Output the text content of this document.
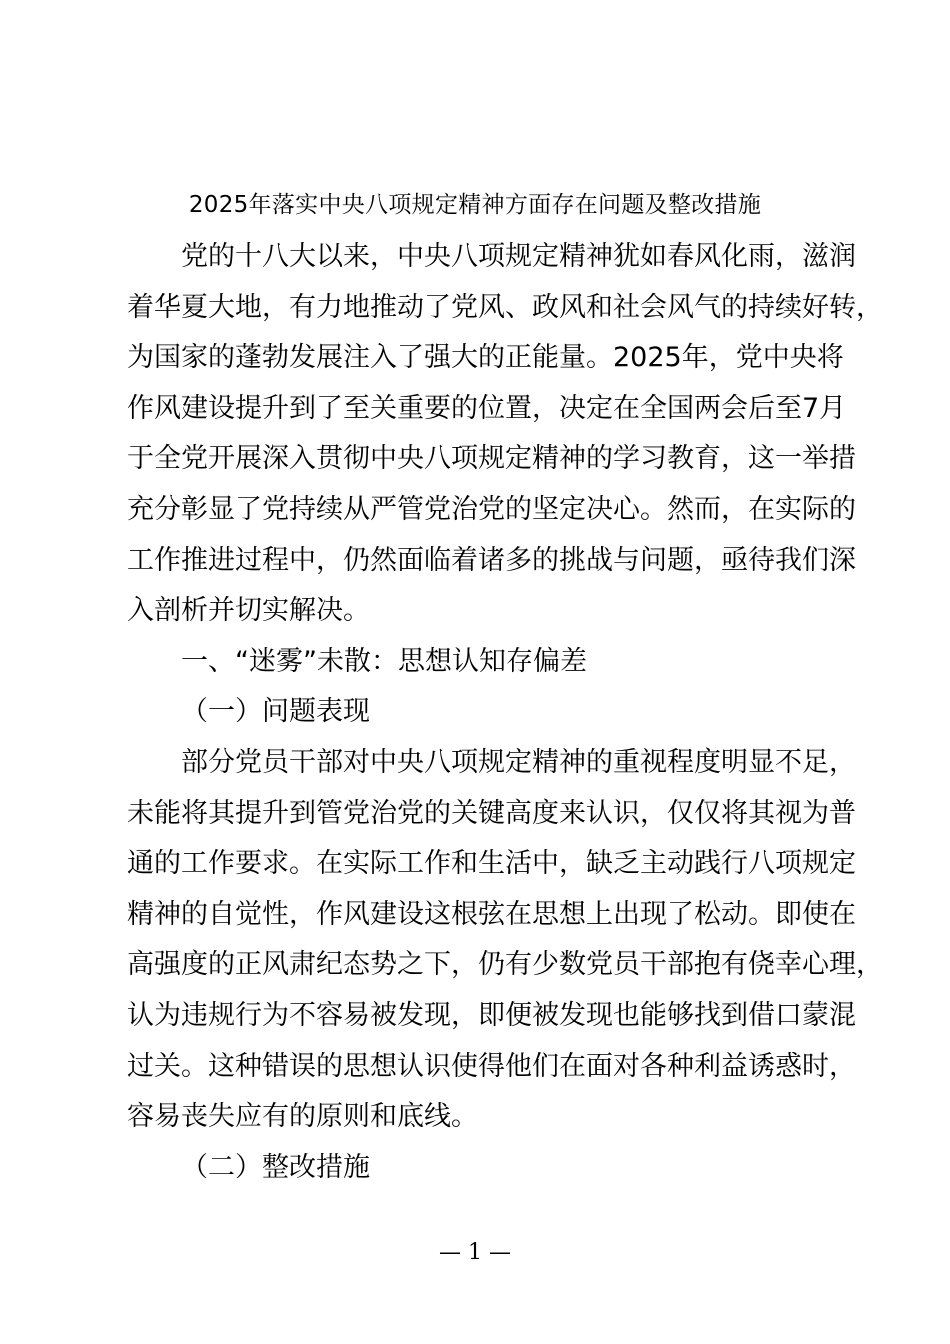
2025年落实中央八项规定精神方面存在问题及整改措施
党的十八大以来，中央八项规定精神犹如春风化雨，滋润
着华夏大地，有力地推动了党风、政风和社会风气的持续好转，
为国家的蓬勃发展注入了强大的正能量。2025年，党中央将
作风建设提升到了至关重要的位置，决定在全国两会后至7月
于全党开展深入贯彻中央八项规定精神的学习教育，这一举措
充分彰显了党持续从严管党治党的坚定决心。然而，在实际的
工作推进过程中，仍然面临着诸多的挑战与问题，亟待我们深
入剖析并切实解决。
一、“迷雾”未散：思想认知存偏差
（一）问题表现
部分党员干部对中央八项规定精神的重视程度明显不足，
未能将其提升到管党治党的关键高度来认识，仅仅将其视为普
通的工作要求。在实际工作和生活中，缺乏主动践行八项规定
精神的自觉性，作风建设这根弦在思想上出现了松动。即使在
高强度的正风肃纪态势之下，仍有少数党员干部抱有侥幸心理，
认为违规行为不容易被发现，即便被发现也能够找到借口蒙混
过关。这种错误的思想认识使得他们在面对各种利益诱惑时，
容易丧失应有的原则和底线。
（二）整改措施
— 1 —
